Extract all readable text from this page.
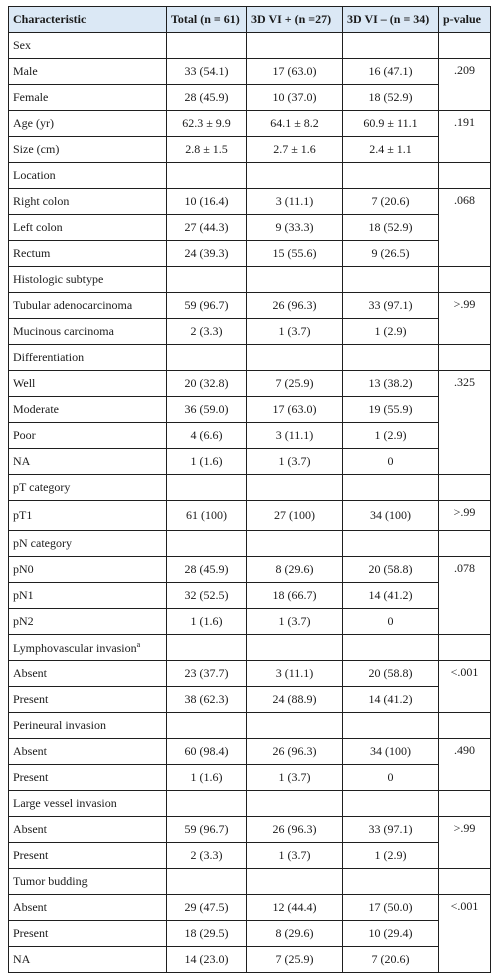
Characteristic	Total (n = 61)	3D VI + (n =27)	3D VI – (n = 34)	p-value
Sex				
Male	33 (54.1)	17 (63.0)	16 (47.1)	.209
Female	28 (45.9)	10 (37.0)	18 (52.9)	
Age (yr)	62.3 ± 9.9	64.1 ± 8.2	60.9 ± 11.1	.191
Size (cm)	2.8 ± 1.5	2.7 ± 1.6	2.4 ± 1.1	
Location				
Right colon	10 (16.4)	3 (11.1)	7 (20.6)	.068
Left colon	27 (44.3)	9 (33.3)	18 (52.9)	
Rectum	24 (39.3)	15 (55.6)	9 (26.5)	
Histologic subtype				
Tubular adenocarcinoma	59 (96.7)	26 (96.3)	33 (97.1)	>.99
Mucinous carcinoma	2 (3.3)	1 (3.7)	1 (2.9)	
Differentiation				
Well	20 (32.8)	7 (25.9)	13 (38.2)	.325
Moderate	36 (59.0)	17 (63.0)	19 (55.9)	
Poor	4 (6.6)	3 (11.1)	1 (2.9)	
NA	1 (1.6)	1 (3.7)	0	
pT category				
pT1	61 (100)	27 (100)	34 (100)	>.99
pN category				
pN0	28 (45.9)	8 (29.6)	20 (58.8)	.078
pN1	32 (52.5)	18 (66.7)	14 (41.2)	
pN2	1 (1.6)	1 (3.7)	0	
Lymphovascular invasion$^a$				
Absent	23 (37.7)	3 (11.1)	20 (58.8)	<.001
Present	38 (62.3)	24 (88.9)	14 (41.2)	
Perineural invasion				
Absent	60 (98.4)	26 (96.3)	34 (100)	.490
Present	1 (1.6)	1 (3.7)	0	
Large vessel invasion				
Absent	59 (96.7)	26 (96.3)	33 (97.1)	>.99
Present	2 (3.3)	1 (3.7)	1 (2.9)	
Tumor budding				
Absent	29 (47.5)	12 (44.4)	17 (50.0)	<.001
Present	18 (29.5)	8 (29.6)	10 (29.4)	
NA	14 (23.0)	7 (25.9)	7 (20.6)	
